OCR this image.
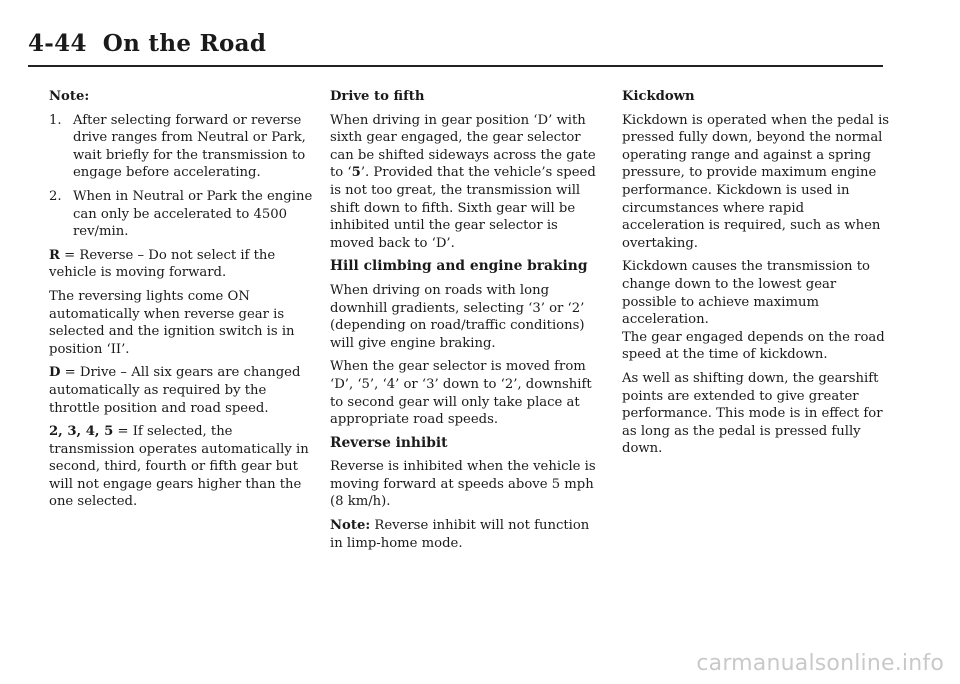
4-44 On the Road

Note:

1. After selecting forward or reverse drive ranges from Neutral or Park, wait briefly for the transmission to engage before accelerating.
2. When in Neutral or Park the engine can only be accelerated to 4500 rev/min.

R = Reverse – Do not select if the vehicle is moving forward.

The reversing lights come ON automatically when reverse gear is selected and the ignition switch is in position ‘II’.

D = Drive – All six gears are changed automatically as required by the throttle position and road speed.

2, 3, 4, 5 = If selected, the transmission operates automatically in second, third, fourth or fifth gear but will not engage gears higher than the one selected.

Drive to fifth

When driving in gear position ‘D’ with sixth gear engaged, the gear selector can be shifted sideways across the gate to ‘5’. Provided that the vehicle’s speed is not too great, the transmission will shift down to fifth. Sixth gear will be inhibited until the gear selector is moved back to ‘D’.

Hill climbing and engine braking

When driving on roads with long downhill gradients, selecting ‘3’ or ‘2’ (depending on road/traffic conditions) will give engine braking.

When the gear selector is moved from ‘D’, ‘5’, ‘4’ or ‘3’ down to ‘2’, downshift to second gear will only take place at appropriate road speeds.

Reverse inhibit

Reverse is inhibited when the vehicle is moving forward at speeds above 5 mph (8 km/h).

Note: Reverse inhibit will not function in limp-home mode.

Kickdown

Kickdown is operated when the pedal is pressed fully down, beyond the normal operating range and against a spring pressure, to provide maximum engine performance. Kickdown is used in circumstances where rapid acceleration is required, such as when overtaking.

Kickdown causes the transmission to change down to the lowest gear possible to achieve maximum acceleration.
The gear engaged depends on the road speed at the time of kickdown.

As well as shifting down, the gearshift points are extended to give greater performance. This mode is in effect for as long as the pedal is pressed fully down.

carmanualsonline.info
